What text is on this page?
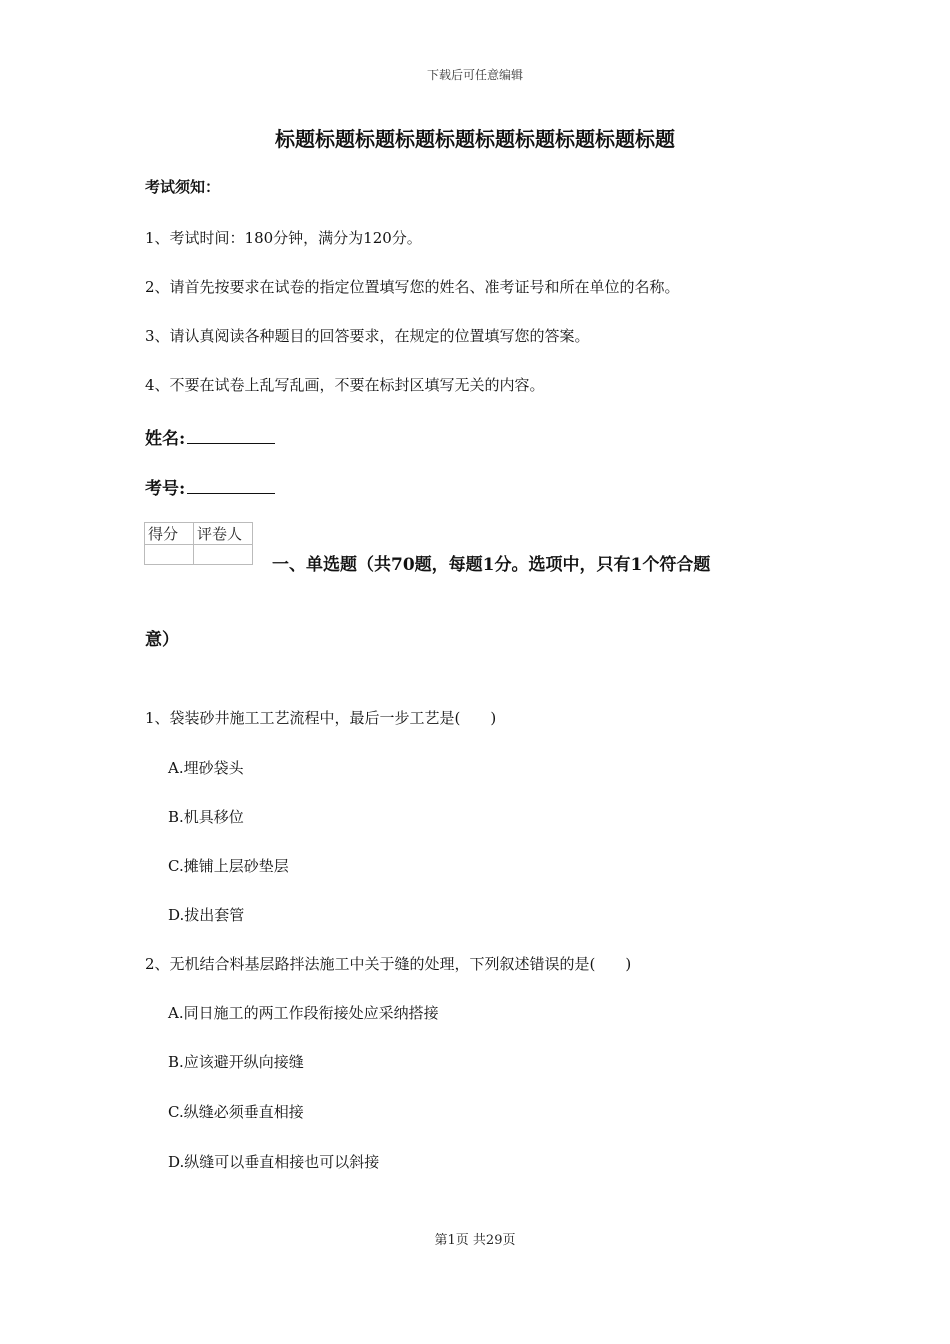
下载后可任意编辑
标题标题标题标题标题标题标题标题标题标题
考试须知：
1、考试时间：180分钟，满分为120分。
2、请首先按要求在试卷的指定位置填写您的姓名、准考证号和所在单位的名称。
3、请认真阅读各种题目的回答要求，在规定的位置填写您的答案。
4、不要在试卷上乱写乱画，不要在标封区填写无关的内容。
姓名:
考号:
得分	评卷人

一、单选题（共70题，每题1分。选项中，只有1个符合题
意）
1、袋装砂井施工工艺流程中，最后一步工艺是(　　)
A.埋砂袋头
B.机具移位
C.摊铺上层砂垫层
D.拔出套管
2、无机结合料基层路拌法施工中关于缝的处理，下列叙述错误的是(　　)
A.同日施工的两工作段衔接处应采纳搭接
B.应该避开纵向接缝
C.纵缝必须垂直相接
D.纵缝可以垂直相接也可以斜接
第1页 共29页
